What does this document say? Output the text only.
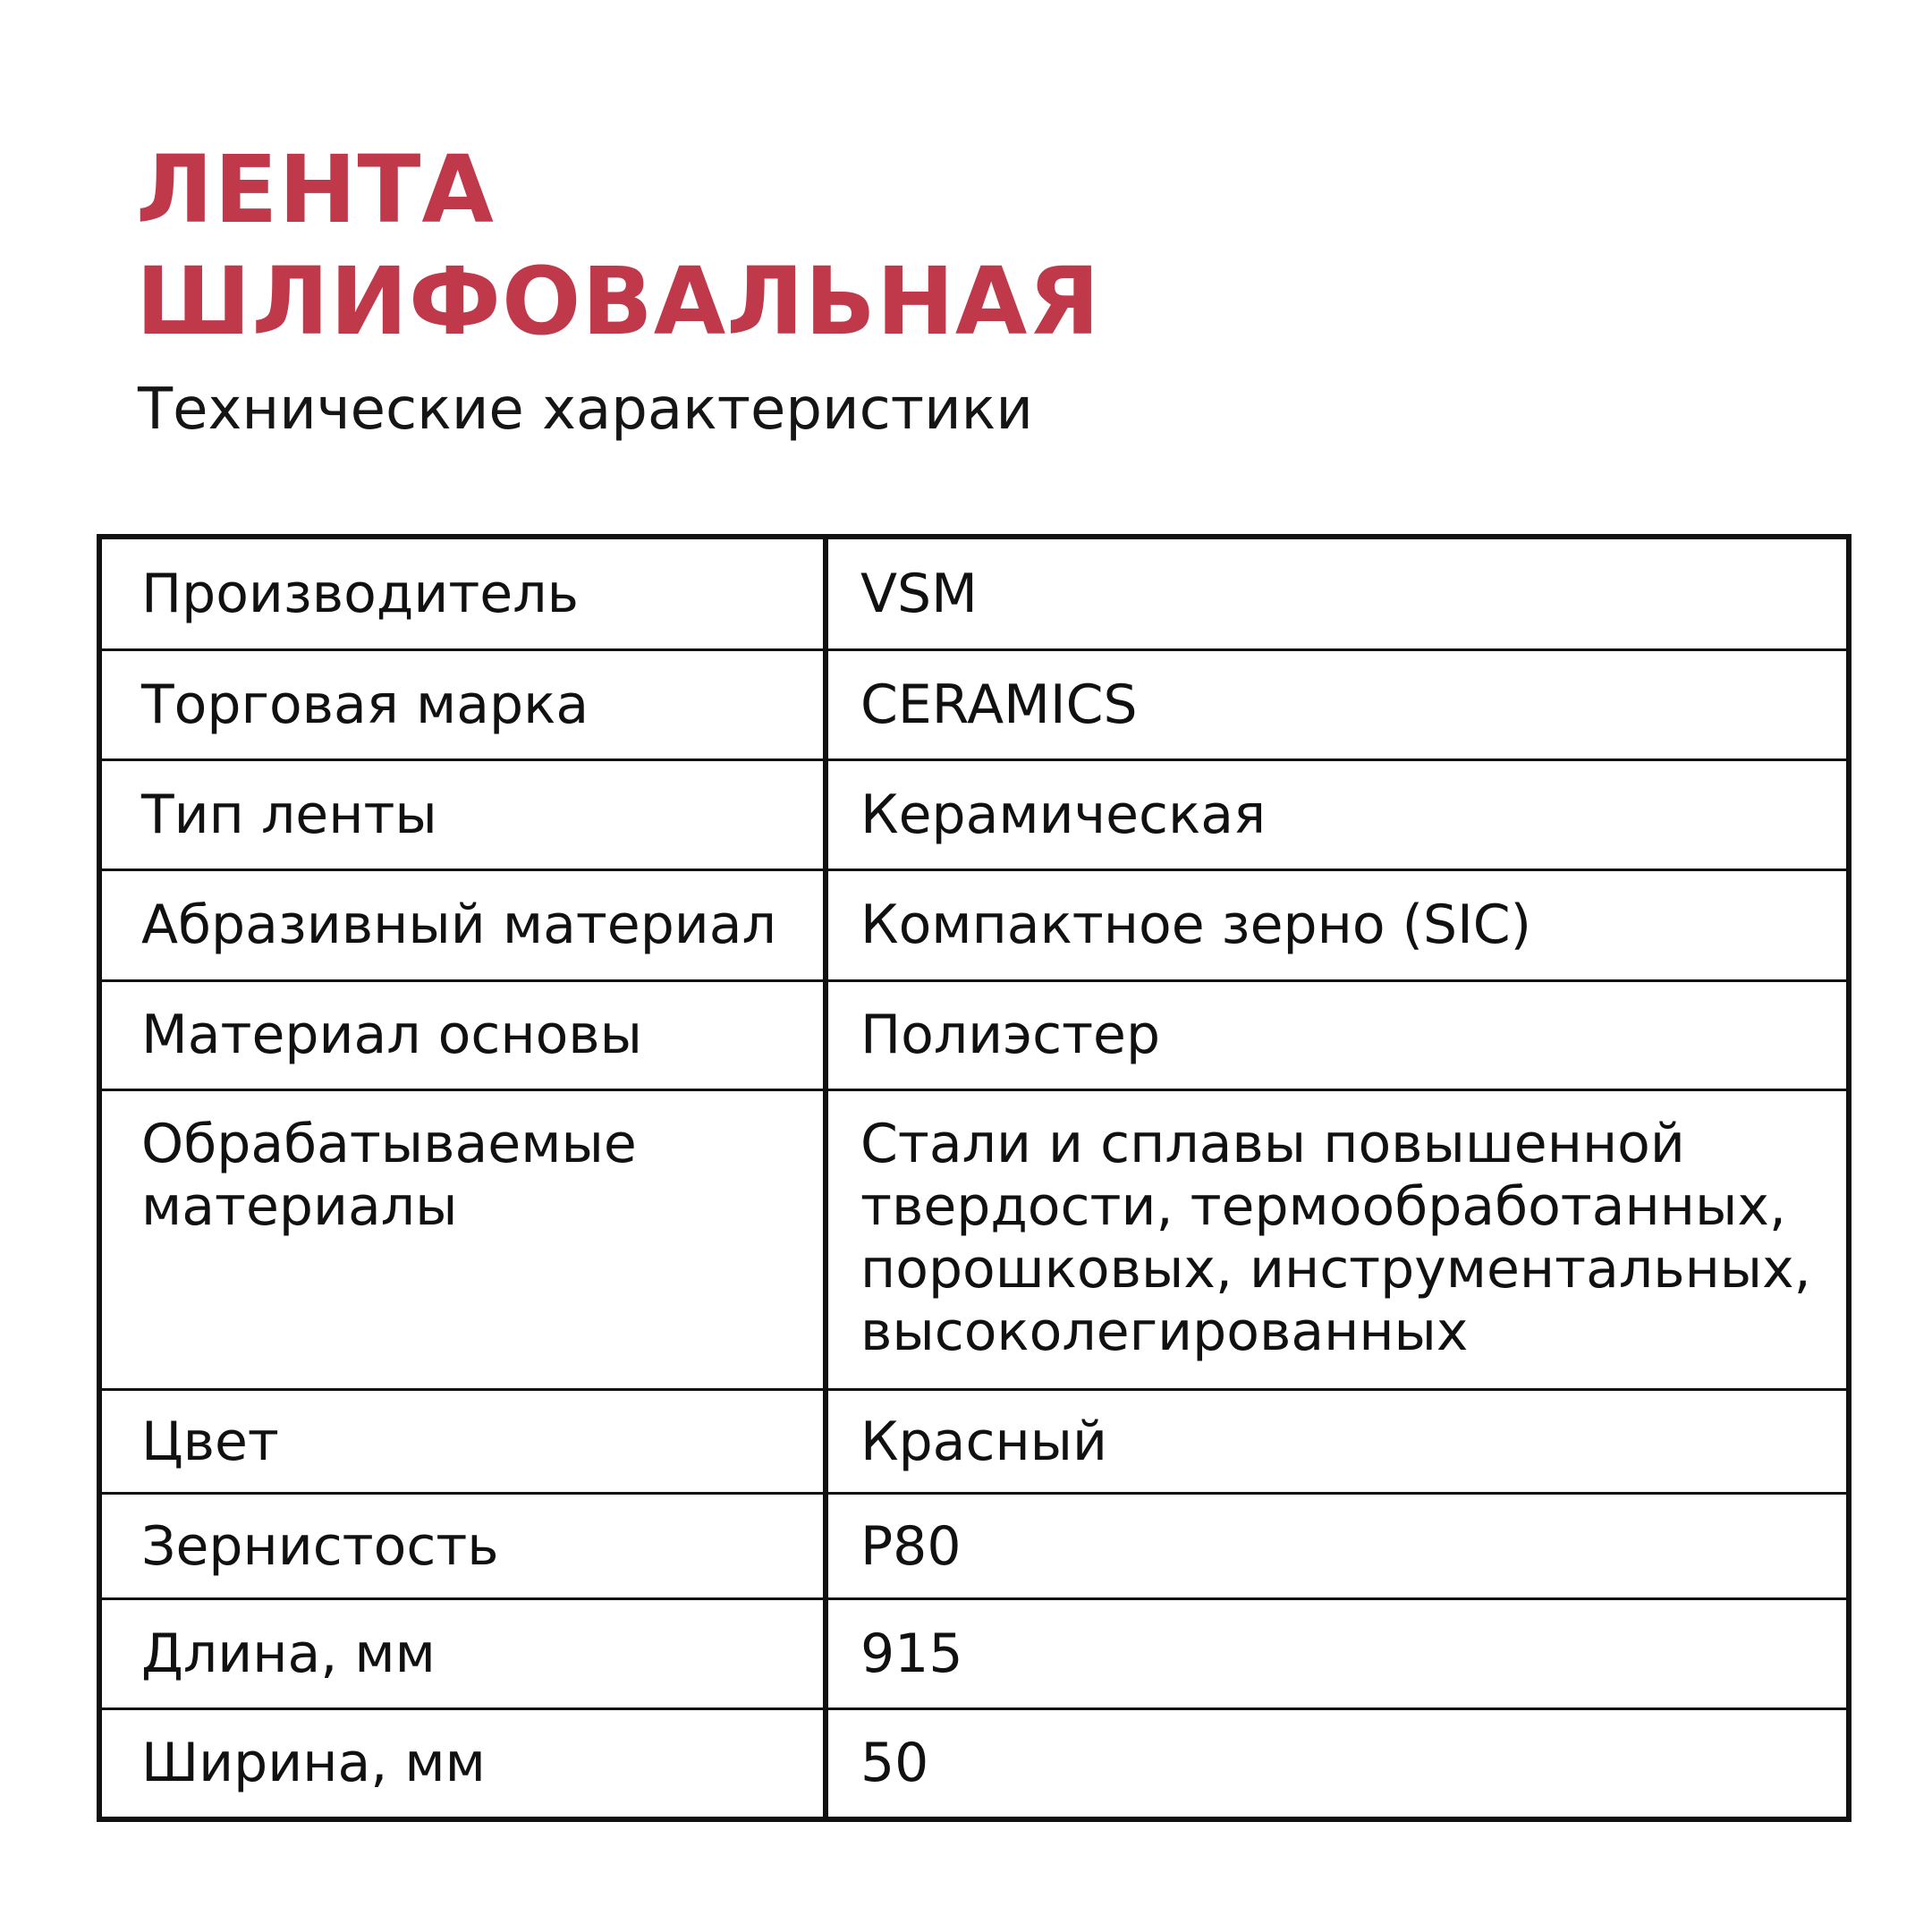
ЛЕНТА
ШЛИФОВАЛЬНАЯ
Технические характеристики
Производитель	VSM
Торговая марка	CERAMICS
Тип ленты	Керамическая
Абразивный материал	Компактное зерно (SIC)
Материал основы	Полиэстер
Обрабатываемые материалы	Стали и сплавы повышенной твердости, термообработанных, порошковых, инструментальных, высоколегированных
Цвет	Красный
Зернистость	P80
Длина, мм	915
Ширина, мм	50
